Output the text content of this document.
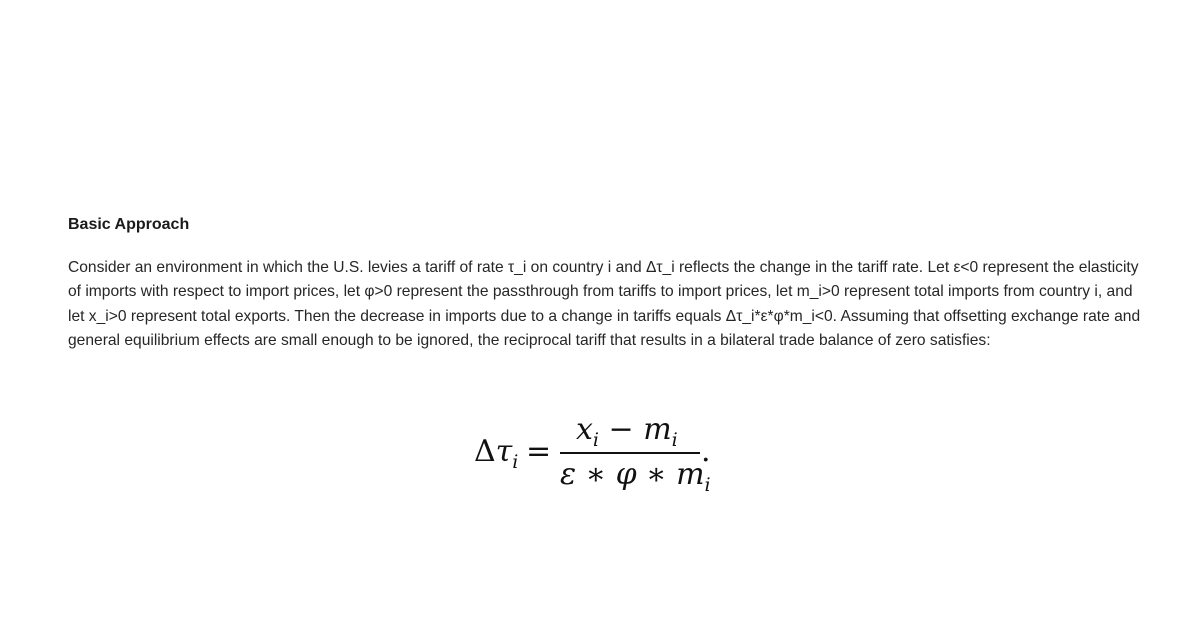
Basic Approach

Consider an environment in which the U.S. levies a tariff of rate τ_i on country i and Δτ_i reflects the change in the tariff rate. Let ε<0 represent the elasticity of imports with respect to import prices, let φ>0 represent the passthrough from tariffs to import prices, let m_i>0 represent total imports from country i, and let x_i>0 represent total exports. Then the decrease in imports due to a change in tariffs equals Δτ_i*ε*φ*m_i<0. Assuming that offsetting exchange rate and general equilibrium effects are small enough to be ignored, the reciprocal tariff that results in a bilateral trade balance of zero satisfies:

$\Delta\tau_i$ =
$x_i - m_i$ .
ε ∗ φ ∗ $m_i$
